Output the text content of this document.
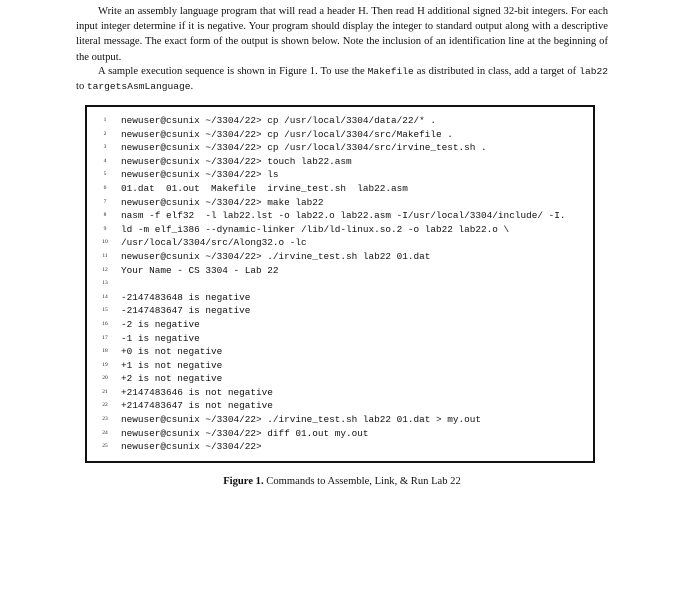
Write an assembly language program that will read a header H. Then read H additional signed 32-bit integers. For each input integer determine if it is negative. Your program should display the integer to standard output along with a descriptive literal message. The exact form of the output is shown below. Note the inclusion of an identification line at the beginning of the output.

A sample execution sequence is shown in Figure 1. To use the Makefile as distributed in class, add a target of lab22 to targetsAsmLanguage.

1	newuser@csunix ~/3304/22> cp /usr/local/3304/data/22/* .
2	newuser@csunix ~/3304/22> cp /usr/local/3304/src/Makefile .
3	newuser@csunix ~/3304/22> cp /usr/local/3304/src/irvine_test.sh .
4	newuser@csunix ~/3304/22> touch lab22.asm
5	newuser@csunix ~/3304/22> ls
6	01.dat  01.out  Makefile  irvine_test.sh  lab22.asm
7	newuser@csunix ~/3304/22> make lab22
8	nasm -f elf32  -l lab22.lst -o lab22.o lab22.asm -I/usr/local/3304/include/ -I.
9	ld -m elf_i386 --dynamic-linker /lib/ld-linux.so.2 -o lab22 lab22.o \
10	/usr/local/3304/src/Along32.o -lc
11	newuser@csunix ~/3304/22> ./irvine_test.sh lab22 01.dat
12	Your Name - CS 3304 - Lab 22
13
14	-2147483648 is negative
15	-2147483647 is negative
16	-2 is negative
17	-1 is negative
18	+0 is not negative
19	+1 is not negative
20	+2 is not negative
21	+2147483646 is not negative
22	+2147483647 is not negative
23	newuser@csunix ~/3304/22> ./irvine_test.sh lab22 01.dat > my.out
24	newuser@csunix ~/3304/22> diff 01.out my.out
25	newuser@csunix ~/3304/22>
Figure 1. Commands to Assemble, Link, & Run Lab 22
